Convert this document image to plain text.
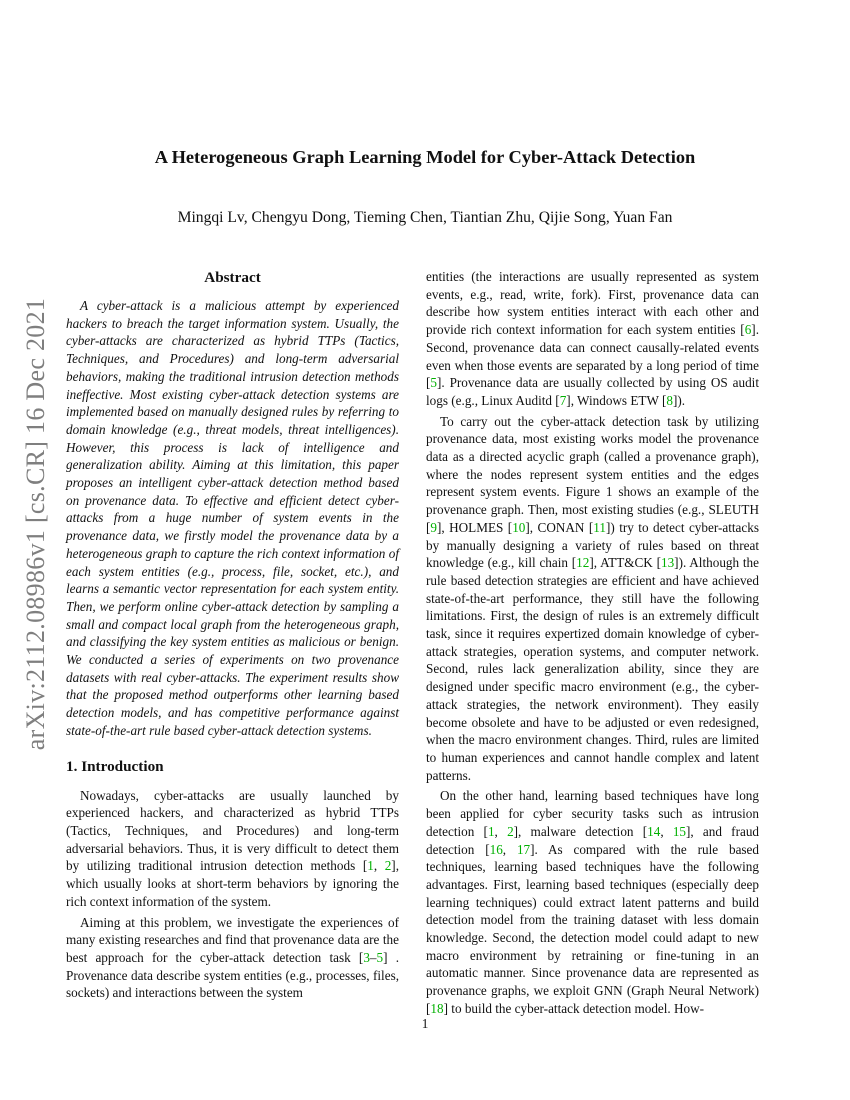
arXiv:2112.08986v1 [cs.CR] 16 Dec 2021
A Heterogeneous Graph Learning Model for Cyber-Attack Detection
Mingqi Lv, Chengyu Dong, Tieming Chen, Tiantian Zhu, Qijie Song, Yuan Fan
Abstract

A cyber-attack is a malicious attempt by experienced hackers to breach the target information system. Usually, the cyber-attacks are characterized as hybrid TTPs (Tactics, Techniques, and Procedures) and long-term adversarial behaviors, making the traditional intrusion detection methods ineffective. Most existing cyber-attack detection systems are implemented based on manually designed rules by referring to domain knowledge (e.g., threat models, threat intelligences). However, this process is lack of intelligence and generalization ability. Aiming at this limitation, this paper proposes an intelligent cyber-attack detection method based on provenance data. To effective and efficient detect cyber-attacks from a huge number of system events in the provenance data, we firstly model the provenance data by a heterogeneous graph to capture the rich context information of each system entities (e.g., process, file, socket, etc.), and learns a semantic vector representation for each system entity. Then, we perform online cyber-attack detection by sampling a small and compact local graph from the heterogeneous graph, and classifying the key system entities as malicious or benign. We conducted a series of experiments on two provenance datasets with real cyber-attacks. The experiment results show that the proposed method outperforms other learning based detection models, and has competitive performance against state-of-the-art rule based cyber-attack detection systems.

1. Introduction

Nowadays, cyber-attacks are usually launched by experienced hackers, and characterized as hybrid TTPs (Tactics, Techniques, and Procedures) and long-term adversarial behaviors. Thus, it is very difficult to detect them by utilizing traditional intrusion detection methods [1, 2], which usually looks at short-term behaviors by ignoring the rich context information of the system.

Aiming at this problem, we investigate the experiences of many existing researches and find that provenance data are the best approach for the cyber-attack detection task [3–5] . Provenance data describe system entities (e.g., processes, files, sockets) and interactions between the system

entities (the interactions are usually represented as system events, e.g., read, write, fork). First, provenance data can describe how system entities interact with each other and provide rich context information for each system entities [6]. Second, provenance data can connect causally-related events even when those events are separated by a long period of time [5]. Provenance data are usually collected by using OS audit logs (e.g., Linux Auditd [7], Windows ETW [8]).

To carry out the cyber-attack detection task by utilizing provenance data, most existing works model the provenance data as a directed acyclic graph (called a provenance graph), where the nodes represent system entities and the edges represent system events. Figure 1 shows an example of the provenance graph. Then, most existing studies (e.g., SLEUTH [9], HOLMES [10], CONAN [11]) try to detect cyber-attacks by manually designing a variety of rules based on threat knowledge (e.g., kill chain [12], ATT&CK [13]). Although the rule based detection strategies are efficient and have achieved state-of-the-art performance, they still have the following limitations. First, the design of rules is an extremely difficult task, since it requires expertized domain knowledge of cyber-attack strategies, operation systems, and computer network. Second, rules lack generalization ability, since they are designed under specific macro environment (e.g., the cyber-attack strategies, the network environment). They easily become obsolete and have to be adjusted or even redesigned, when the macro environment changes. Third, rules are limited to human experiences and cannot handle complex and latent patterns.

On the other hand, learning based techniques have long been applied for cyber security tasks such as intrusion detection [1, 2], malware detection [14, 15], and fraud detection [16, 17]. As compared with the rule based techniques, learning based techniques have the following advantages. First, learning based techniques (especially deep learning techniques) could extract latent patterns and build detection model from the training dataset with less domain knowledge. Second, the detection model could adapt to new macro environment by retraining or fine-tuning in an automatic manner. Since provenance data are represented as provenance graphs, we exploit GNN (Graph Neural Network) [18] to build the cyber-attack detection model. How-

1
